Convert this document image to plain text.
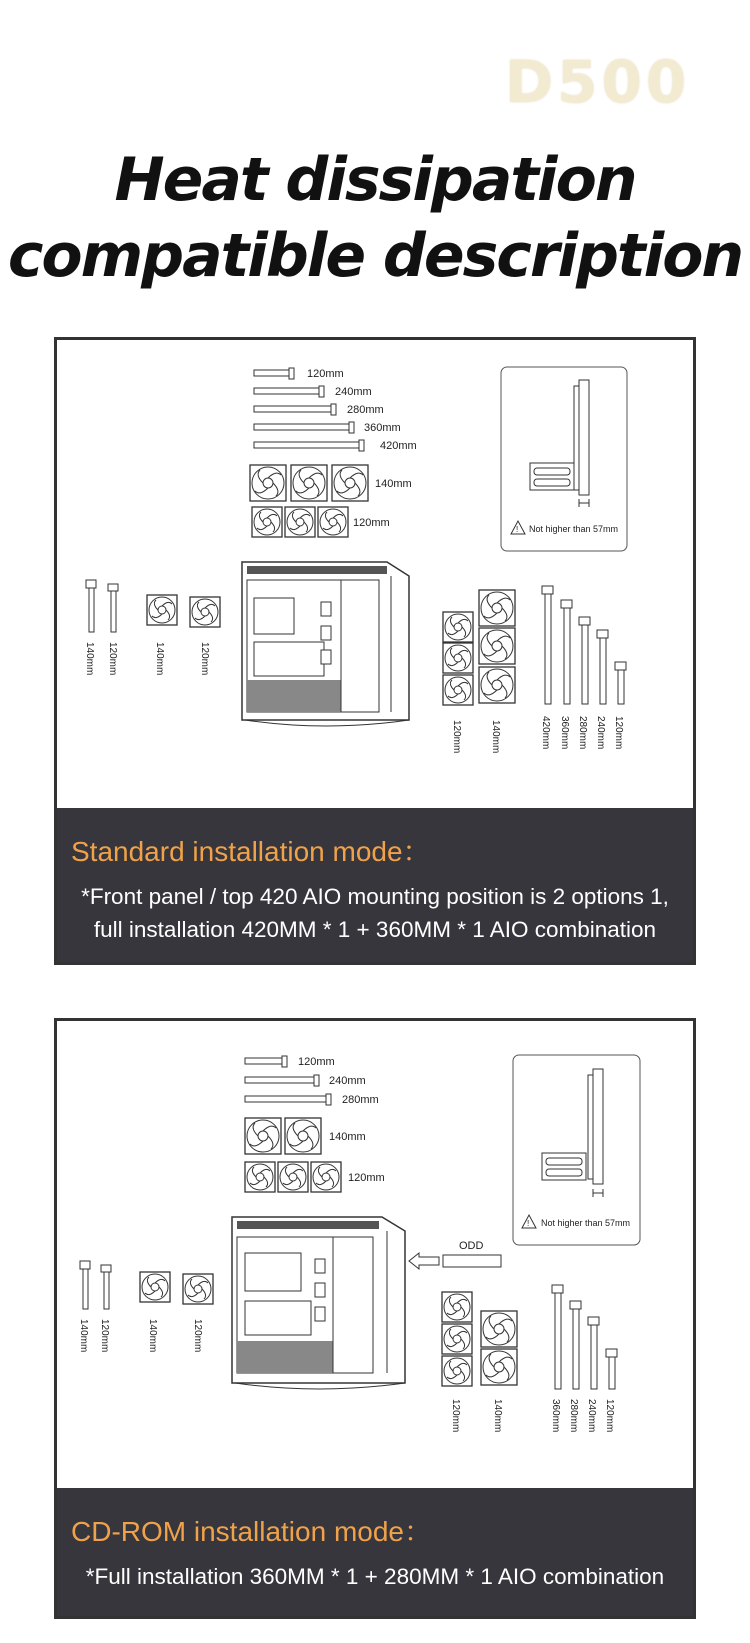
D500
Heat dissipation
compatible description
120mm
240mm
280mm
360mm
420mm
140mm
120mm
! Not higher than 57mm
140mm 120mm	140mm	120mm
120mm	140mm	420mm 360mm 280mm 240mm 120mm
Standard installation mode：
*Front panel / top 420 AIO mounting position is 2 options 1,
full installation 420MM * 1 + 360MM * 1 AIO combination
120mm
240mm
280mm
140mm
120mm
! Not higher than 57mm
ODD
140mm 120mm	140mm	120mm
120mm	140mm	360mm 280mm 240mm 120mm
CD-ROM installation mode：
*Full installation 360MM * 1 + 280MM * 1 AIO combination
